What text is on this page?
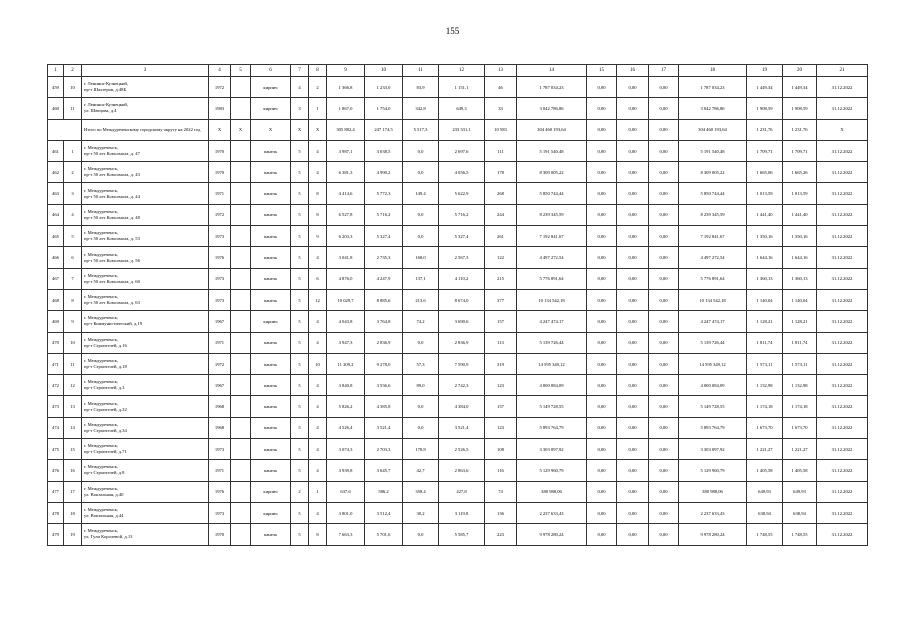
155
1	2	3	4	5	6	7	8	9	10	11	12	13	14	15	16	17	18	19	20	21
459	10	г. Ленинск-Кузнецкий,
пр-т Шахтеров, д.48Б	1972		кирпич	4	2	1 366,8	1 233,0	83,9	1 151,1	46	1 787 034,23	0,00	0,00	0,00	1 787 034,23	1 449,34	1 449,34	31.12.2022
460	11	г. Ленинск-Кузнецкий,
ул. Швецова, д.4	1983		кирпич	3	1	1 867,0	1 754,0	342,8	649,3	33	3 042 786,86	0,00	0,00	0,00	3 042 786,86	1 908,59	1 908,59	31.12.2022
		Итого по Междуреченскому городскому округу на 2022 год	X	X	X	X	X	305 882,4	247 174,5	5 517,3	233 331,1	10 583	304 460 193,64	0,00	0,00	0,00	304 460 193,64	1 231,76	1 231,76	X
461	1	г. Междуреченск,
пр-т 50 лет Комсомола, д. 47	1970		панель	5	4	3 987,1	3 038,5	0,0	2 697,6	111	5 191 540,48	0,00	0,00	0,00	5 191 540,48	1 709,71	1 709,71	31.12.2022
462	2	г. Междуреченск,
пр-т 50 лет Комсомола, д. 43	1970		панель	5	4	6 381,3	4 990,2	0,0	4 056,5	178	8 309 005,22	0,00	0,00	0,00	8 309 005,22	1 665,06	1 665,26	31.12.2022
463	3	г. Междуреченск,
пр-т 50 лет Комсомола, д. 44	1971		панель	5	8	4 414,6	5 772,3	149,4	5 622,9	268	5 850 744,44	0,00	0,00	0,00	5 850 744,44	1 013,59	1 013,59	31.12.2022
464	4	г. Междуреченск,
пр-т 50 лет Комсомола, д. 48	1972		панель	5	8	6 527,8	5 716,2	0,0	5 716,2	244	8 239 345,59	0,00	0,00	0,00	8 239 345,59	1 441,40	1 441,40	31.12.2022
465	5	г. Междуреченск,
пр-т 50 лет Комсомола, д. 53	1973		панель	5	9	6 203,3	5 327,4	0,0	5 327,4	261	7 192 841,67	0,00	0,00	0,00	7 192 841,67	1 350,16	1 350,16	31.12.2022
466	6	г. Междуреченск,
пр-т 50 лет Комсомола, д. 56	1976		панель	5	4	3 041,8	2 735,3	168,0	2 567,3	122	4 497 272,54	0,00	0,00	0,00	4 497 272,54	1 644,16	1 644,16	31.12.2022
467	7	г. Междуреченск,
пр-т 50 лет Комсомола, д. 60	1973		панель	5	6	4 876,0	4 247,9	137,1	4 110,2	215	5 776 891,64	0,00	0,00	0,00	5 776 891,64	1 360,13	1 360,13	31.12.2022
468	8	г. Междуреченск,
пр-т 50 лет Комсомола, д. 63	1973		панель	5	12	10 029,7	8 885,6	213,6	8 674,0	377	10 134 542,18	0,00	0,00	0,00	10 134 542,18	1 140,04	1 140,04	31.12.2022
469	9	г. Междуреченск,
пр-т Коммунистический, д.19	1967		кирпич	5	4	4 043,8	3 764,8	74,2	3 690,6	157	4 247 474,17	0,00	0,00	0,00	4 247 474,17	1 128,21	1 128,21	31.12.2022
470	10	г. Междуреченск,
пр-т Строителей, д.16	1971		панель	5	4	3 947,3	2 836,9	0,0	2 836,9	113	5 139 726,44	0,00	0,00	0,00	5 139 726,44	1 811,74	1 811,74	31.12.2022
471	11	г. Междуреченск,
пр-т Строителей, д.18	1972		панель	5	10	11 209,2	9 278,0	57,3	7 590,9	319	14 595 349,12	0,00	0,00	0,00	14 595 349,12	1 573,11	1 573,11	31.12.2022
472	12	г. Междуреченск,
пр-т Строителей, д.3	1967		панель	5	4	3 840,8	3 536,6	89,0	2 742,3	123	4 000 084,09	0,00	0,00	0,00	4 000 084,09	1 132,98	1 132,98	31.12.2022
473	13	г. Междуреченск,
пр-т Строителей, д.32	1968		панель	5	4	5 826,2	4 385,8	0,0	4 384,0	157	5 149 728,55	0,00	0,00	0,00	5 149 728,55	1 174,18	1 174,18	31.12.2022
474	14	г. Междуреченск,
пр-т Строителей, д.34	1968		панель	5	4	4 526,4	3 521,4	0,0	3 521,4	123	5 893 764,79	0,00	0,00	0,00	5 893 764,79	1 673,70	1 673,70	31.12.2022
475	15	г. Междуреченск,
пр-т Строителей, д.71	1973		панель	5	4	3 074,3	2 703,3	178,8	2 526,5	108	3 303 097,92	0,00	0,00	0,00	3 303 097,92	1 221,27	1 221,27	31.12.2022
476	16	г. Междуреченск,
пр-т Строителей, д.8	1971		панель	5	4	3 939,8	3 645,7	42,7	2 863,6	116	5 129 960,79	0,00	0,00	0,00	5 129 960,79	1 405,58	1 405,58	31.12.2022
477	17	г. Междуреченск,
ул. Вокзальная, д.40	1976		кирпич	2	1	637,6	586,2	358,4	227,8	74	380 988,06	0,00	0,00	0,00	380 988,06	649,93	649,93	31.12.2022
478	18	г. Междуреченск,
ул. Вокзальная, д.44	1973		кирпич	5	4	3 801,0	3 512,4	30,2	3 119,8	136	2 237 633,43	0,00	0,00	0,00	2 237 633,43	638,94	638,94	31.12.2022
479	19	г. Междуреченск,
ул. Гули Королевой, д.13	1970		панель	5	8	7 663,3	5 701,6	0,0	5 585,7	223	9 978 280,24	0,00	0,00	0,00	9 978 280,24	1 748,55	1 748,55	31.12.2022
